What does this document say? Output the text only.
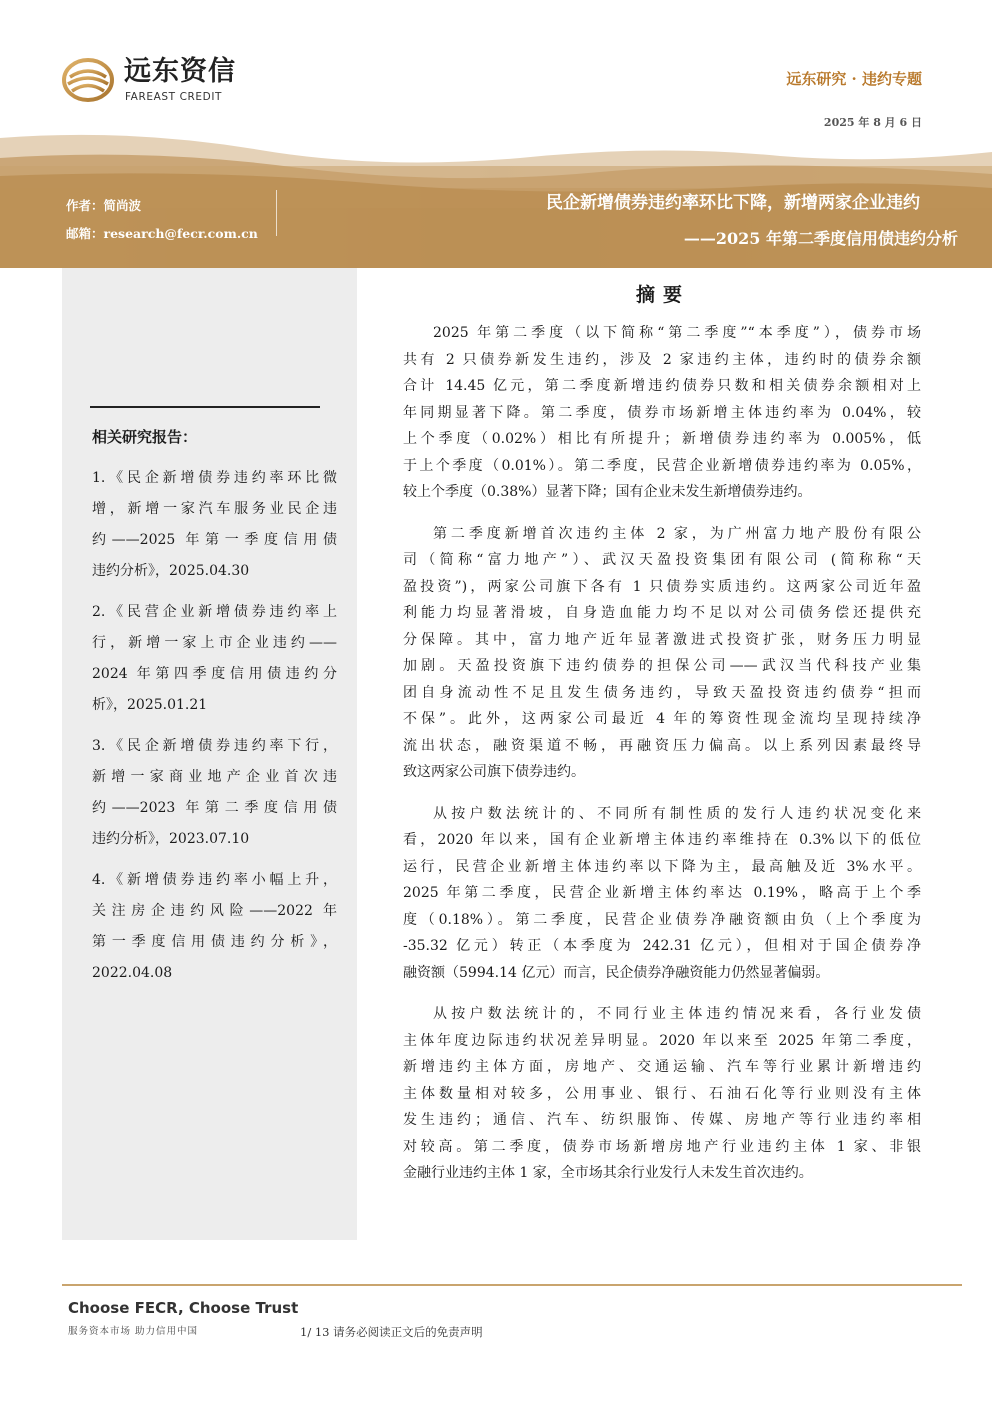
远东资信
FAREAST CREDIT
远东研究 · 违约专题
2025 年 8 月 6 日
作者：简尚波
邮箱：research@fecr.com.cn
民企新增债券违约率环比下降，新增两家企业违约
——2025 年第二季度信用债违约分析
相关研究报告：
1.《民企新增债券违约率环比微
增，新增一家汽车服务业民企违
约——2025 年第一季度信用债
违约分析》，2025.04.30
2.《民营企业新增债券违约率上
行，新增一家上市企业违约——
2024 年第四季度信用债违约分
析》，2025.01.21
3.《民企新增债券违约率下行，
新增一家商业地产企业首次违
约——2023 年第二季度信用债
违约分析》，2023.07.10
4.《新增债券违约率小幅上升，
关注房企违约风险——2022 年
第一季度信用债违约分析》，
2022.04.08
摘要
2025 年第二季度（以下简称“第二季度”“本季度”），债券市场
共有 2 只债券新发生违约，涉及 2 家违约主体，违约时的债券余额
合计 14.45 亿元，第二季度新增违约债券只数和相关债券余额相对上
年同期显著下降。第二季度，债券市场新增主体违约率为 0.04%，较
上个季度（0.02%）相比有所提升；新增债券违约率为 0.005%，低
于上个季度（0.01%）。第二季度，民营企业新增债券违约率为 0.05%，
较上个季度（0.38%）显著下降；国有企业未发生新增债券违约。
第二季度新增首次违约主体 2 家，为广州富力地产股份有限公
司（简称“富力地产”）、武汉天盈投资集团有限公司 (简称称“天
盈投资”)，两家公司旗下各有 1 只债券实质违约。这两家公司近年盈
利能力均显著滑坡，自身造血能力均不足以对公司债务偿还提供充
分保障。其中，富力地产近年显著激进式投资扩张，财务压力明显
加剧。天盈投资旗下违约债券的担保公司——武汉当代科技产业集
团自身流动性不足且发生债务违约，导致天盈投资违约债券“担而
不保”。此外，这两家公司最近 4 年的筹资性现金流均呈现持续净
流出状态，融资渠道不畅，再融资压力偏高。以上系列因素最终导
致这两家公司旗下债券违约。
从按户数法统计的、不同所有制性质的发行人违约状况变化来
看，2020 年以来，国有企业新增主体违约率维持在 0.3%以下的低位
运行，民营企业新增主体违约率以下降为主，最高触及近 3%水平。
2025 年第二季度，民营企业新增主体约率达 0.19%，略高于上个季
度（0.18%）。第二季度，民营企业债券净融资额由负（上个季度为
-35.32 亿元）转正（本季度为 242.31 亿元），但相对于国企债券净
融资额（5994.14 亿元）而言，民企债券净融资能力仍然显著偏弱。
从按户数法统计的，不同行业主体违约情况来看，各行业发债
主体年度边际违约状况差异明显。2020 年以来至 2025 年第二季度，
新增违约主体方面，房地产、交通运输、汽车等行业累计新增违约
主体数量相对较多，公用事业、银行、石油石化等行业则没有主体
发生违约；通信、汽车、纺织服饰、传媒、房地产等行业违约率相
对较高。第二季度，债券市场新增房地产行业违约主体 1 家、非银
金融行业违约主体 1 家，全市场其余行业发行人未发生首次违约。
Choose FECR, Choose Trust
服务资本市场 助力信用中国	1/ 13 请务必阅读正文后的免责声明
